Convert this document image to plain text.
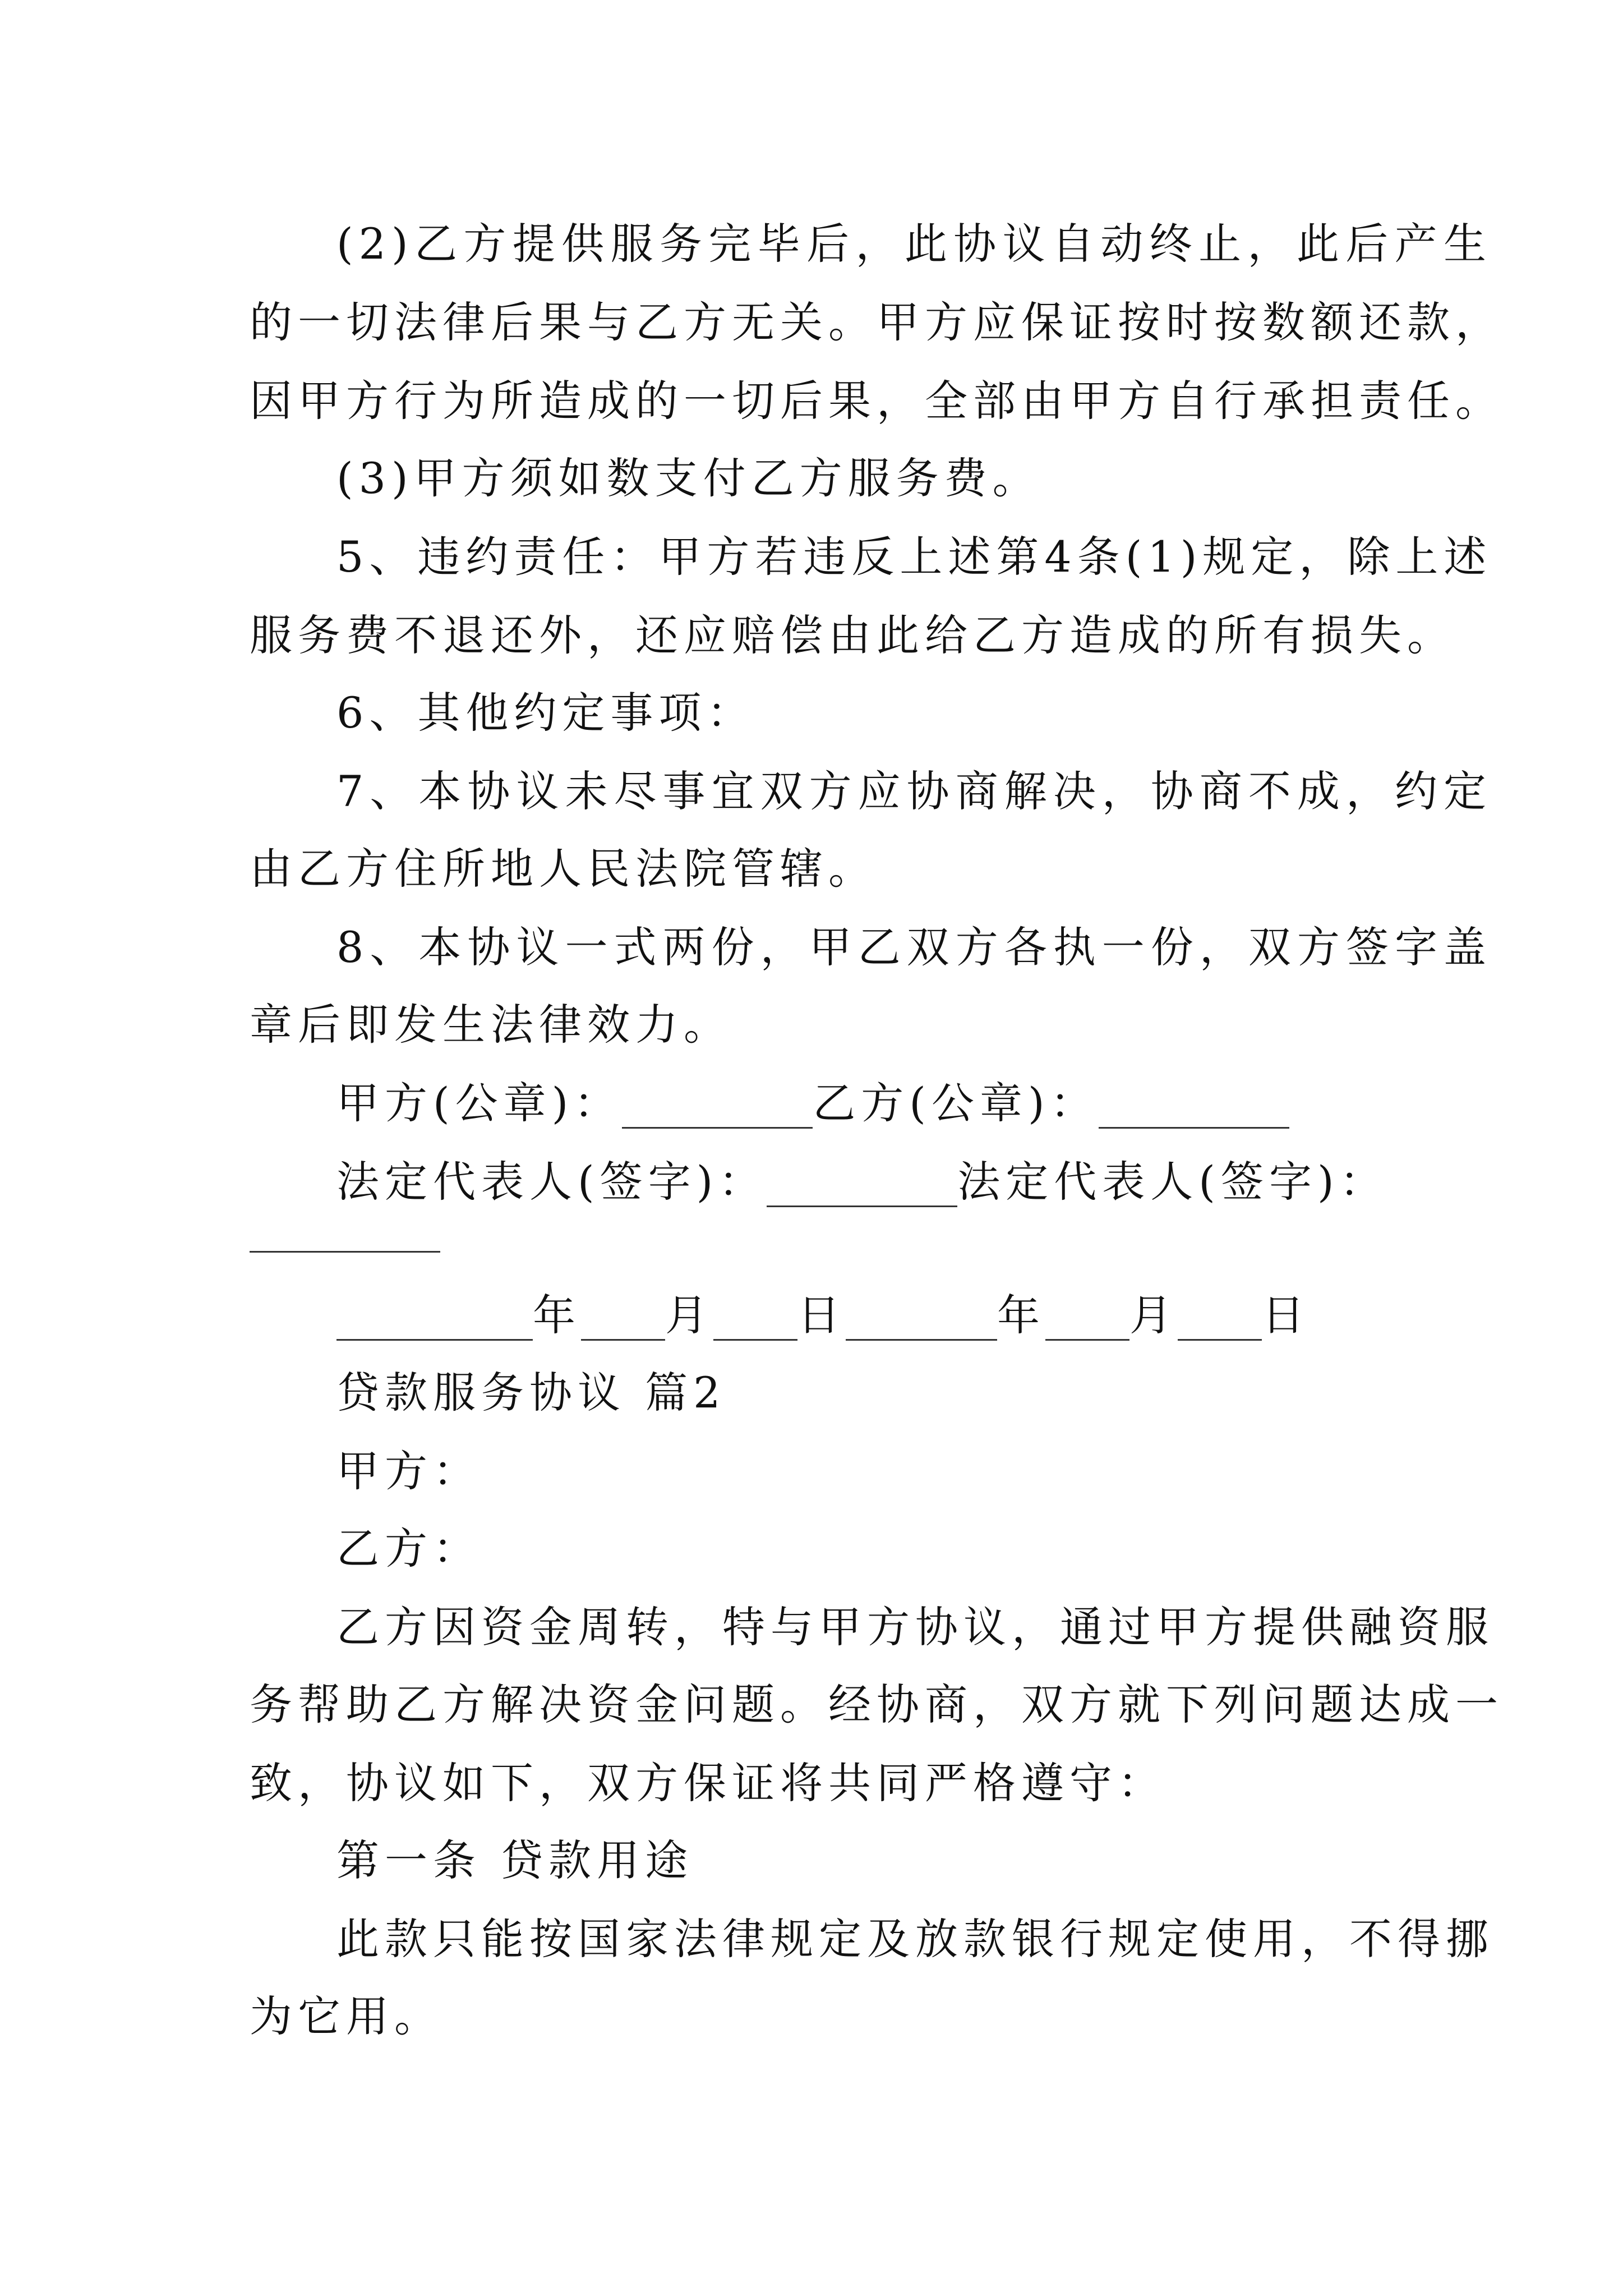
(2)乙方提供服务完毕后，此协议自动终止，此后产生

的一切法律后果与乙方无关。甲方应保证按时按数额还款，

因甲方行为所造成的一切后果，全部由甲方自行承担责任。

(3)甲方须如数支付乙方服务费。

5、违约责任：甲方若违反上述第4条(1)规定，除上述

服务费不退还外，还应赔偿由此给乙方造成的所有损失。

6、其他约定事项：

7、本协议未尽事宜双方应协商解决，协商不成，约定

由乙方住所地人民法院管辖。

8、本协议一式两份，甲乙双方各执一份，双方签字盖

章后即发生法律效力。

甲方(公章)：	乙方(公章)：

法定代表人(签字)：	法定代表人(签字)：

年 月 日	年 月 日

贷款服务协议 篇2

甲方：

乙方：

乙方因资金周转，特与甲方协议，通过甲方提供融资服

务帮助乙方解决资金问题。经协商，双方就下列问题达成一

致，协议如下，双方保证将共同严格遵守：

第一条 贷款用途

此款只能按国家法律规定及放款银行规定使用，不得挪

为它用。
